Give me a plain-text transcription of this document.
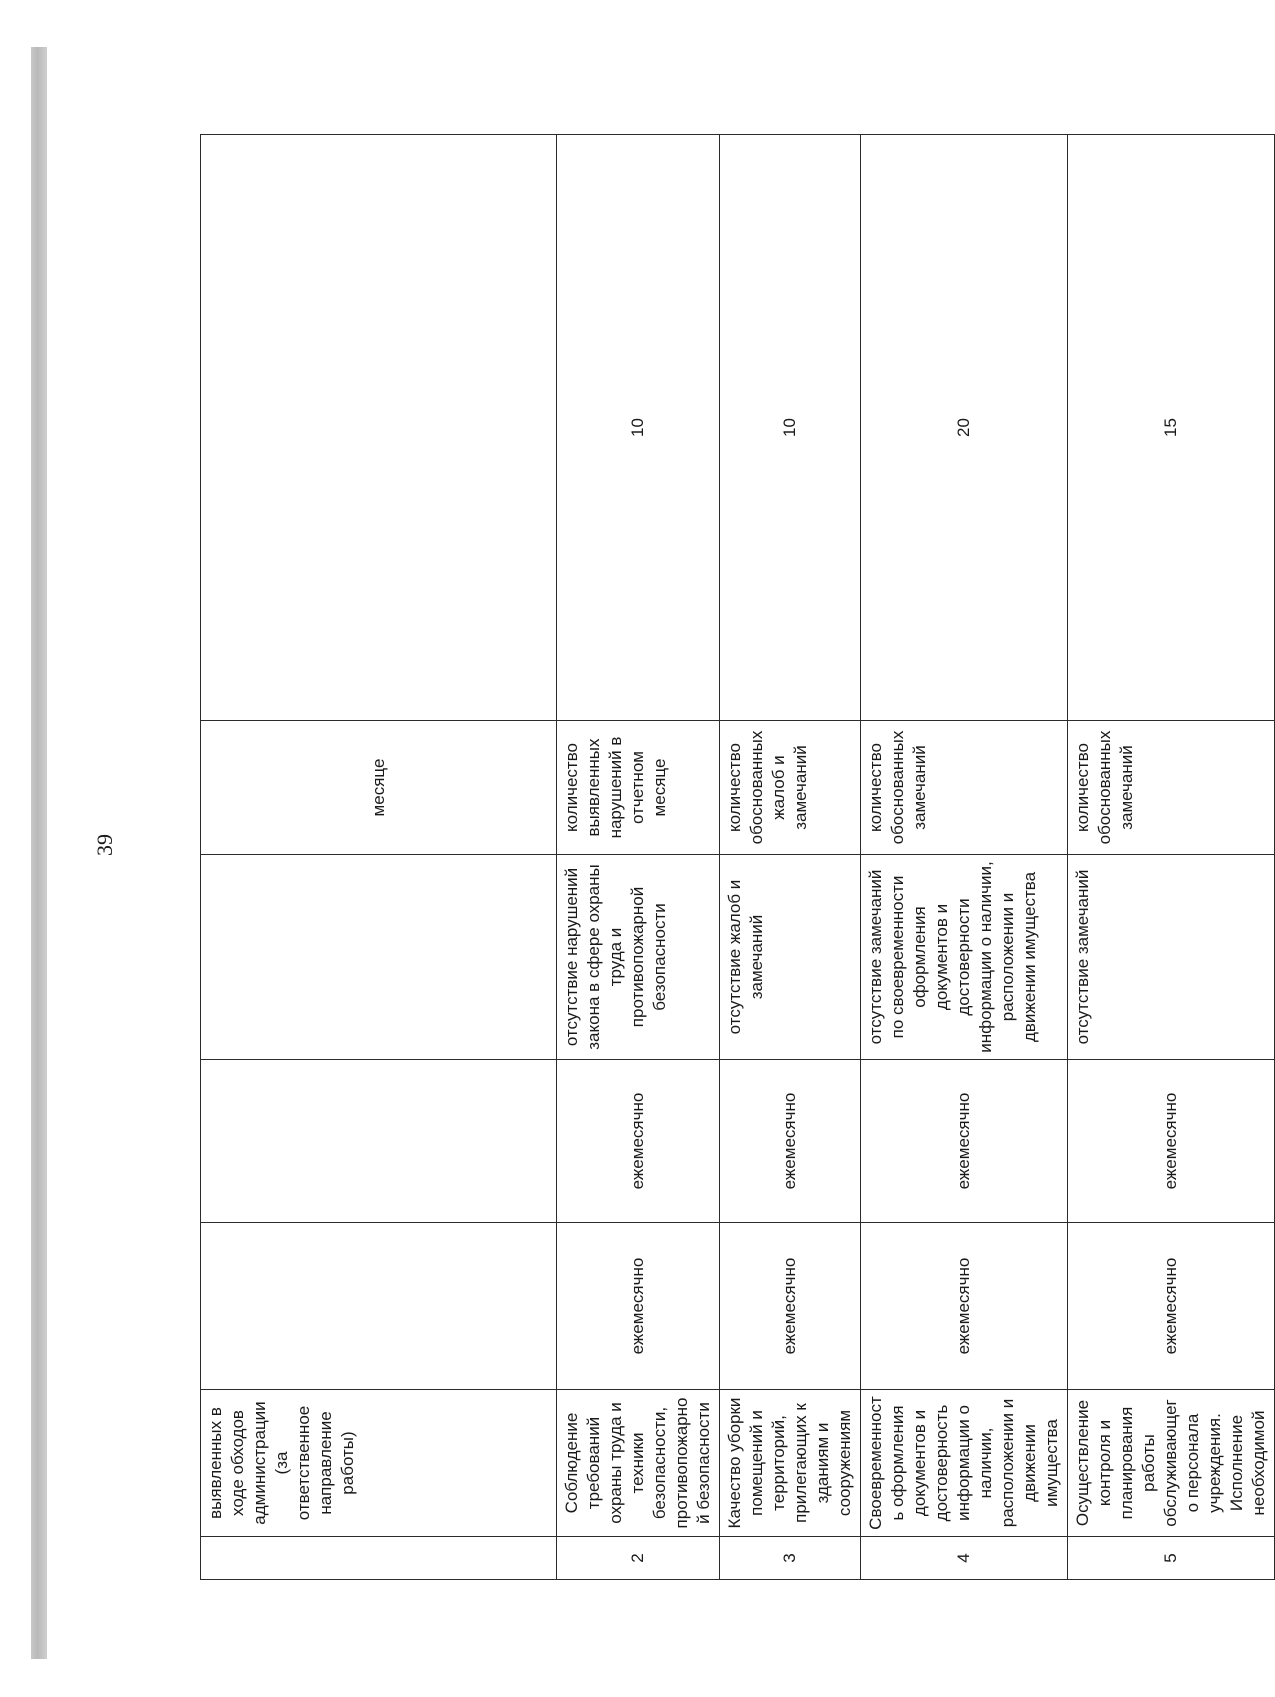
39
	выявленных в ходе обходов администрации (за ответственное направление работы)				месяце	
2	Соблюдение требований охраны труда и техники безопасности, противопожарной безопасности	ежемесячно	ежемесячно	отсутствие нарушений закона в сфере охраны труда и противопожарной безопасности	количество выявленных нарушений в отчетном месяце	10
3	Качество уборки помещений и территорий, прилегающих к зданиям и сооружениям	ежемесячно	ежемесячно	отсутствие жалоб и замечаний	количество обоснованных жалоб и замечаний	10
4	Своевременность оформления документов и достоверность информации о наличии, расположении и движении имущества	ежемесячно	ежемесячно	отсутствие замечаний по своевременности оформления документов и достоверности информации о наличии, расположении и движении имущества	количество обоснованных замечаний	20
5	Осуществление контроля и планирования работы обслуживающего персонала учреждения. Исполнение необходимой	ежемесячно	ежемесячно	отсутствие замечаний	количество обоснованных замечаний	15
